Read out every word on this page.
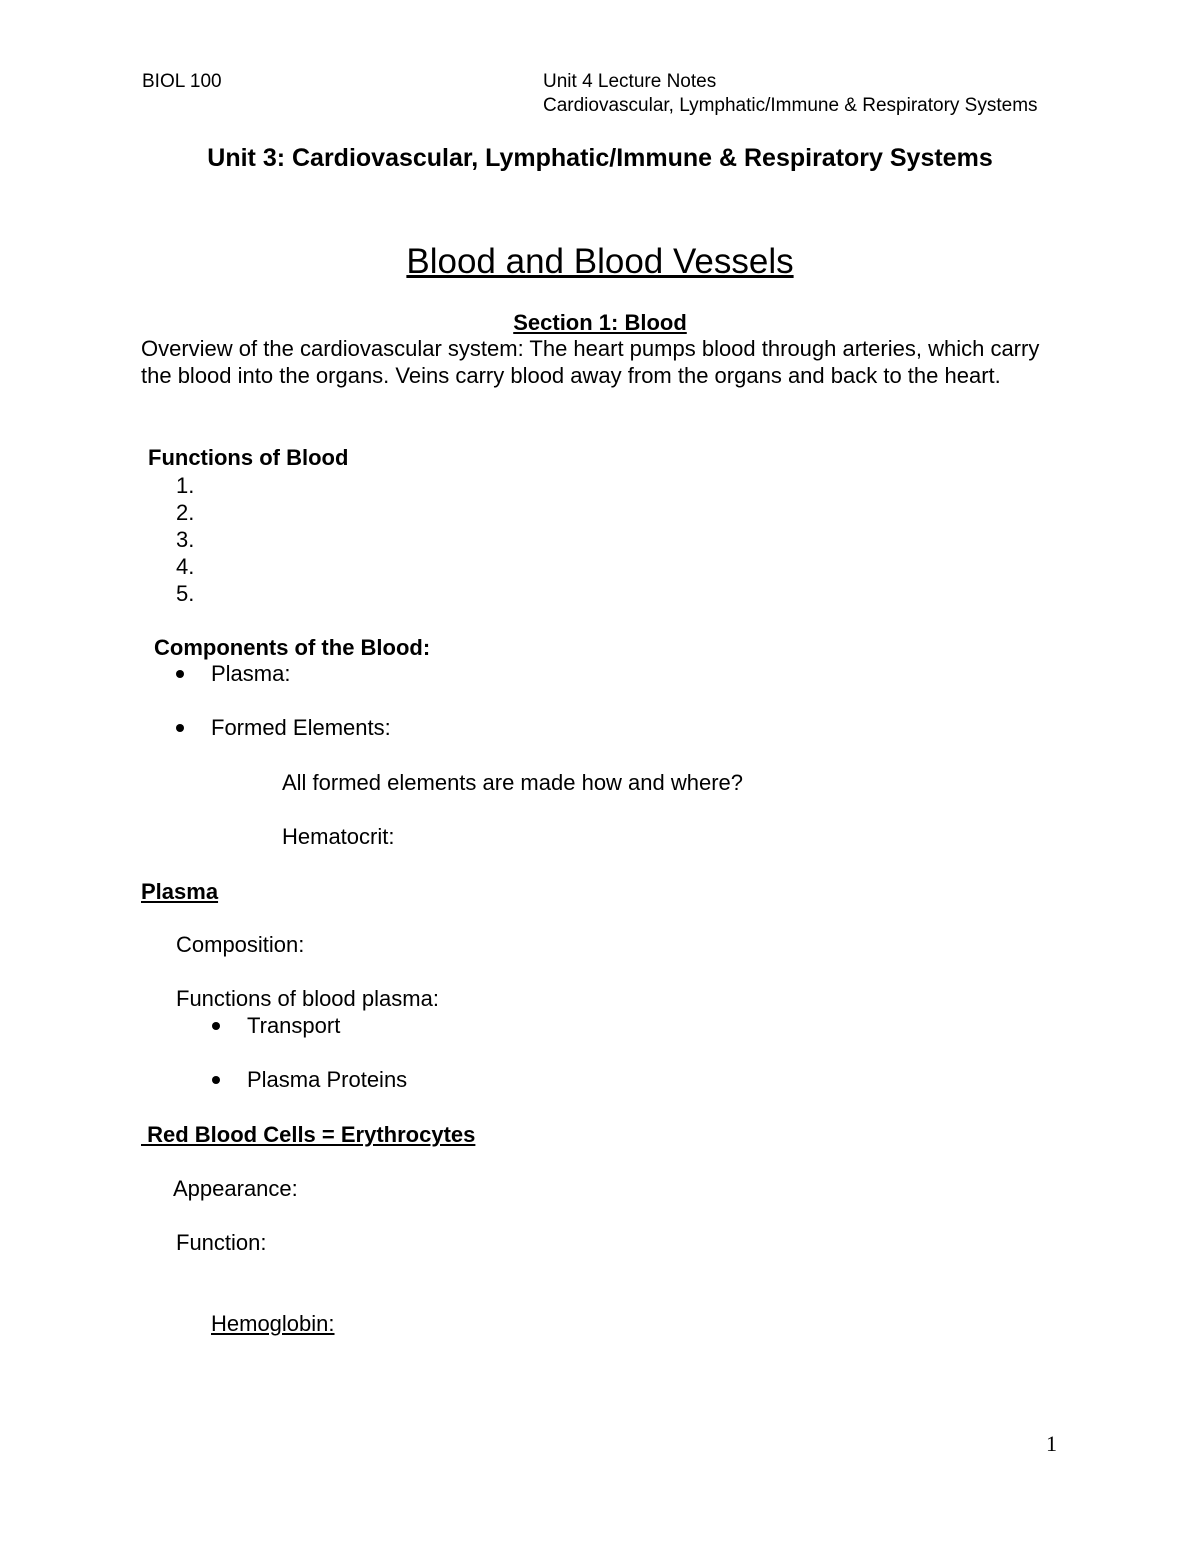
BIOL 100	Unit 4 Lecture Notes
Cardiovascular, Lymphatic/Immune & Respiratory Systems
Unit 3: Cardiovascular, Lymphatic/Immune & Respiratory Systems
Blood and Blood Vessels
Section 1: Blood
Overview of the cardiovascular system: The heart pumps blood through arteries, which carry the blood into the organs. Veins carry blood away from the organs and back to the heart.
Functions of Blood
1.
2.
3.
4.
5.
Components of the Blood:
Plasma:
Formed Elements:
All formed elements are made how and where?
Hematocrit:
Plasma
Composition:
Functions of blood plasma:
Transport
Plasma Proteins
Red Blood Cells = Erythrocytes
Appearance:
Function:
Hemoglobin:
1
